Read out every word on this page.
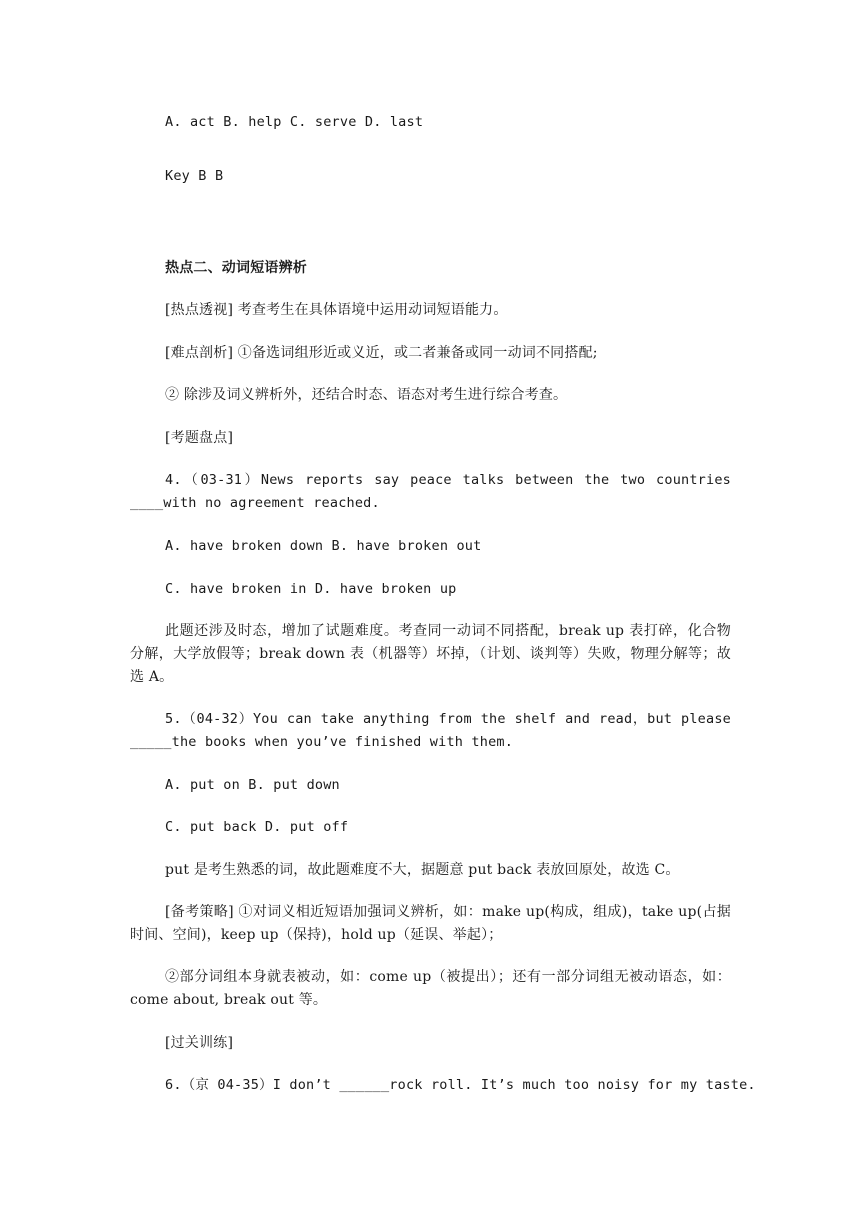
A. act B. help C. serve D. last
Key B B
热点二、动词短语辨析
[热点透视] 考查考生在具体语境中运用动词短语能力。
[难点剖析] ①备选词组形近或义近，或二者兼备或同一动词不同搭配;
② 除涉及词义辨析外，还结合时态、语态对考生进行综合考查。
[考题盘点]
4.（03-31）News reports say peace talks between the two countries ____with no agreement reached.
A. have broken down B. have broken out
C. have broken in D. have broken up
此题还涉及时态，增加了试题难度。考查同一动词不同搭配，break up 表打碎，化合物分解，大学放假等；break down 表（机器等）坏掉，（计划、谈判等）失败，物理分解等；故选 A。
5.（04-32）You can take anything from the shelf and read，but please _____the books when you’ve finished with them.
A. put on B. put down
C. put back D. put off
put 是考生熟悉的词，故此题难度不大，据题意 put back 表放回原处，故选 C。
[备考策略] ①对词义相近短语加强词义辨析，如：make up(构成，组成)，take up(占据时间、空间)，keep up（保持)，hold up（延误、举起）；
②部分词组本身就表被动，如：come up（被提出）；还有一部分词组无被动语态，如：come about, break out 等。
[过关训练]
6.（京 04-35）I don’t ______rock roll. It’s much too noisy for my taste.
